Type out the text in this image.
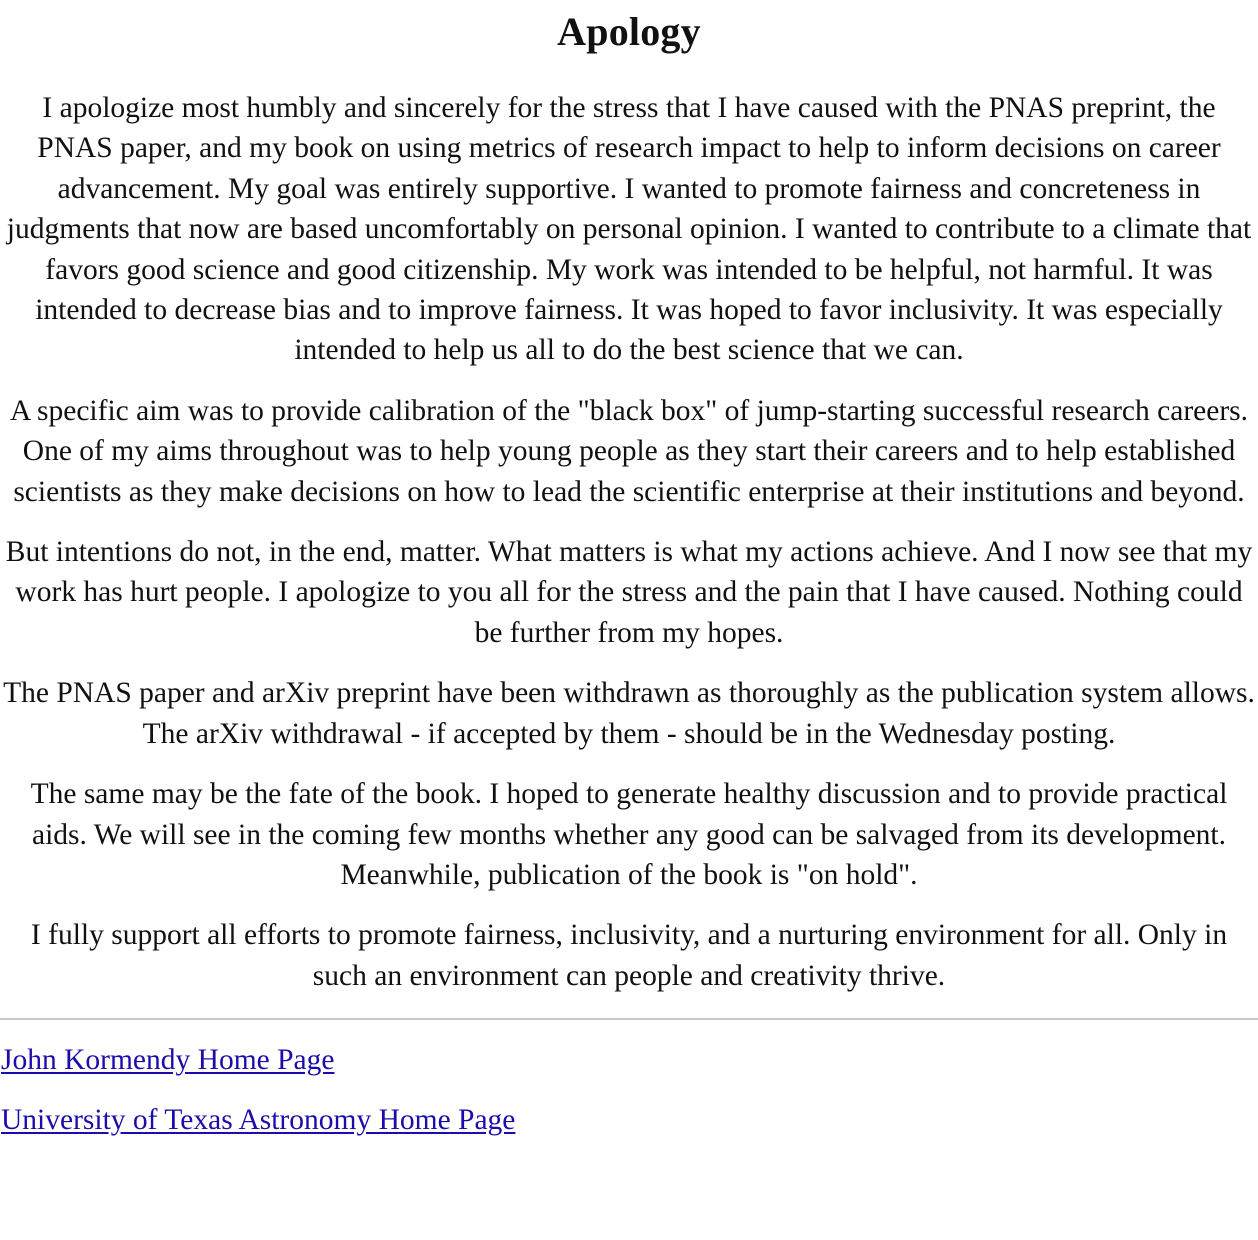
Apology

I apologize most humbly and sincerely for the stress that I have caused with the PNAS preprint, the PNAS paper, and my book on using metrics of research impact to help to inform decisions on career advancement. My goal was entirely supportive. I wanted to promote fairness and concreteness in judgments that now are based uncomfortably on personal opinion. I wanted to contribute to a climate that favors good science and good citizenship. My work was intended to be helpful, not harmful. It was intended to decrease bias and to improve fairness. It was hoped to favor inclusivity. It was especially intended to help us all to do the best science that we can.

A specific aim was to provide calibration of the "black box" of jump-starting successful research careers. One of my aims throughout was to help young people as they start their careers and to help established scientists as they make decisions on how to lead the scientific enterprise at their institutions and beyond.

But intentions do not, in the end, matter. What matters is what my actions achieve. And I now see that my work has hurt people. I apologize to you all for the stress and the pain that I have caused. Nothing could be further from my hopes.

The PNAS paper and arXiv preprint have been withdrawn as thoroughly as the publication system allows. The arXiv withdrawal - if accepted by them - should be in the Wednesday posting.

The same may be the fate of the book. I hoped to generate healthy discussion and to provide practical aids. We will see in the coming few months whether any good can be salvaged from its development. Meanwhile, publication of the book is "on hold".

I fully support all efforts to promote fairness, inclusivity, and a nurturing environment for all. Only in such an environment can people and creativity thrive.

John Kormendy Home Page
University of Texas Astronomy Home Page
